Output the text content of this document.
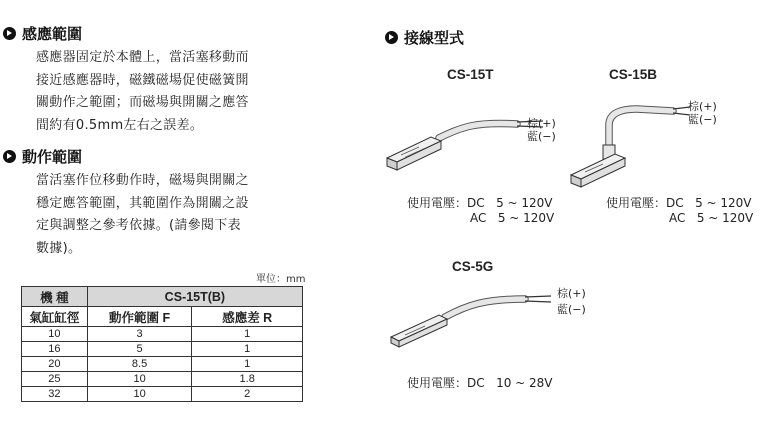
感應範圍
感應器固定於本體上，當活塞移動而
接近感應器時，磁鐵磁場促使磁簧開
關動作之範圍；而磁場與開關之應答
間約有0.5mm左右之誤差。
動作範圍
當活塞作位移動作時，磁場與開關之
穩定應答範圍，其範圍作為開關之設
定與調整之參考依據。(請參閱下表
數據)。
單位：mm
機 種	CS-15T(B)	
氣缸缸徑	動作範圍 F	感應差 R
10	3	1
16	5	1
20	8.5	1
25	10	1.8
32	10	2
接線型式
CS-15T
棕(+)
藍(−)
使用電壓：DC   5 ~ 120V
AC   5 ~ 120V
CS-15B
棕(+)
藍(−)
使用電壓：DC   5 ~ 120V
AC   5 ~ 120V
CS-5G
棕(+)
藍(−)
使用電壓：DC   10 ~ 28V
